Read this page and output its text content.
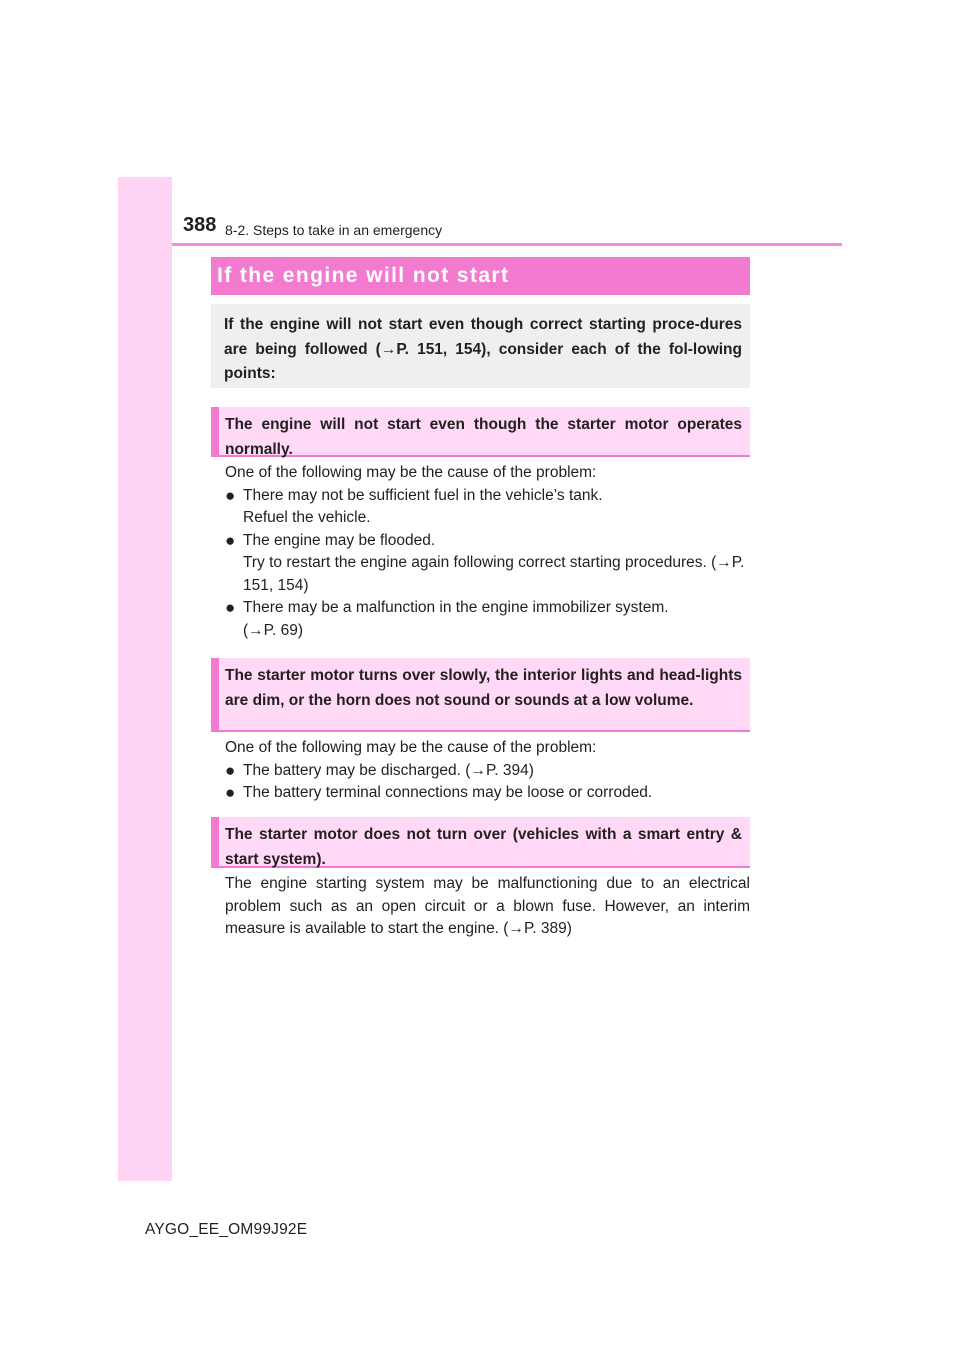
388 8-2. Steps to take in an emergency
If the engine will not start
If the engine will not start even though correct starting proce-dures are being followed (→P. 151, 154), consider each of the fol-lowing points:
The engine will not start even though the starter motor operates normally.

One of the following may be the cause of the problem:

● There may not be sufficient fuel in the vehicle’s tank.

Refuel the vehicle.

● The engine may be flooded.

Try to restart the engine again following correct starting procedures. (→P. 151, 154)

● There may be a malfunction in the engine immobilizer system.

(→P. 69)

The starter motor turns over slowly, the interior lights and head-lights are dim, or the horn does not sound or sounds at a low volume.

One of the following may be the cause of the problem:

● The battery may be discharged. (→P. 394)

● The battery terminal connections may be loose or corroded.

The starter motor does not turn over (vehicles with a smart entry & start system).

The engine starting system may be malfunctioning due to an electrical problem such as an open circuit or a blown fuse. However, an interim measure is available to start the engine. (→P. 389)

AYGO_EE_OM99J92E
